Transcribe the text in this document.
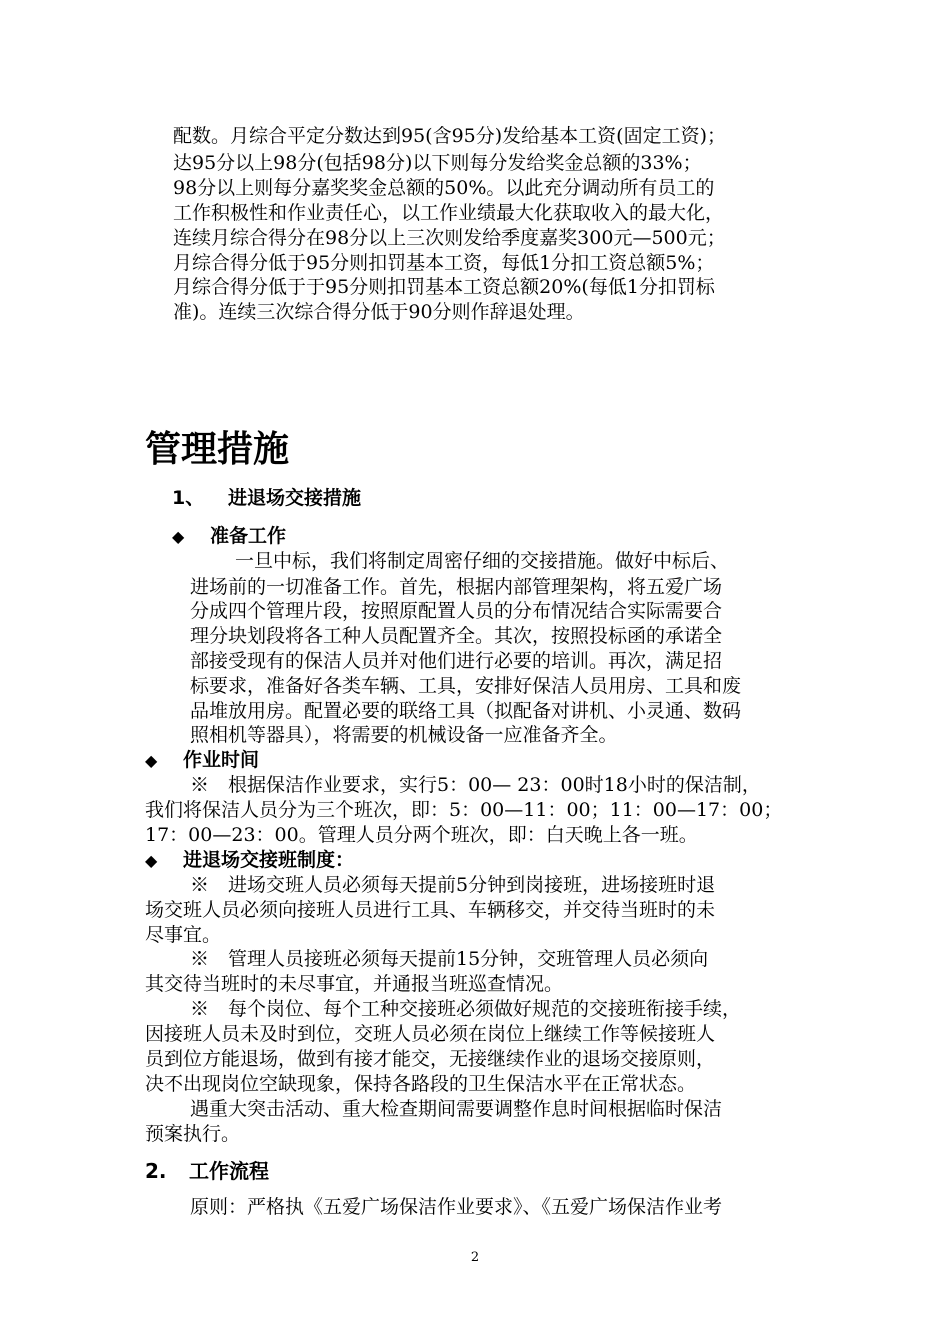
配数。月综合平定分数达到95(含95分)发给基本工资(固定工资)；
达95分以上98分(包括98分)以下则每分发给奖金总额的33%；
98分以上则每分嘉奖奖金总额的50%。以此充分调动所有员工的
工作积极性和作业责任心，以工作业绩最大化获取收入的最大化，
连续月综合得分在98分以上三次则发给季度嘉奖300元—500元；
月综合得分低于95分则扣罚基本工资，每低1分扣工资总额5%；
月综合得分低于于95分则扣罚基本工资总额20%(每低1分扣罚标
准)。连续三次综合得分低于90分则作辞退处理。
管理措施
1、 进退场交接措施
◆ 准备工作
一旦中标，我们将制定周密仔细的交接措施。做好中标后、
进场前的一切准备工作。首先，根据内部管理架构，将五爱广场
分成四个管理片段，按照原配置人员的分布情况结合实际需要合
理分块划段将各工种人员配置齐全。其次，按照投标函的承诺全
部接受现有的保洁人员并对他们进行必要的培训。再次，满足招
标要求，准备好各类车辆、工具，安排好保洁人员用房、工具和废
品堆放用房。配置必要的联络工具（拟配备对讲机、小灵通、数码
照相机等器具），将需要的机械设备一应准备齐全。
◆ 作业时间
※　根据保洁作业要求，实行5：00— 23：00时18小时的保洁制，
我们将保洁人员分为三个班次，即：5：00—11：00；11：00—17：00；
17：00—23：00。管理人员分两个班次，即：白天晚上各一班。
◆ 进退场交接班制度：
※　进场交班人员必须每天提前5分钟到岗接班，进场接班时退
场交班人员必须向接班人员进行工具、车辆移交，并交待当班时的未
尽事宜。
※　管理人员接班必须每天提前15分钟，交班管理人员必须向
其交待当班时的未尽事宜，并通报当班巡查情况。
※　每个岗位、每个工种交接班必须做好规范的交接班衔接手续，
因接班人员未及时到位，交班人员必须在岗位上继续工作等候接班人
员到位方能退场，做到有接才能交，无接继续作业的退场交接原则，
决不出现岗位空缺现象，保持各路段的卫生保洁水平在正常状态。
遇重大突击活动、重大检查期间需要调整作息时间根据临时保洁
预案执行。
2. 工作流程
原则：严格执《五爱广场保洁作业要求》、《五爱广场保洁作业考
2
